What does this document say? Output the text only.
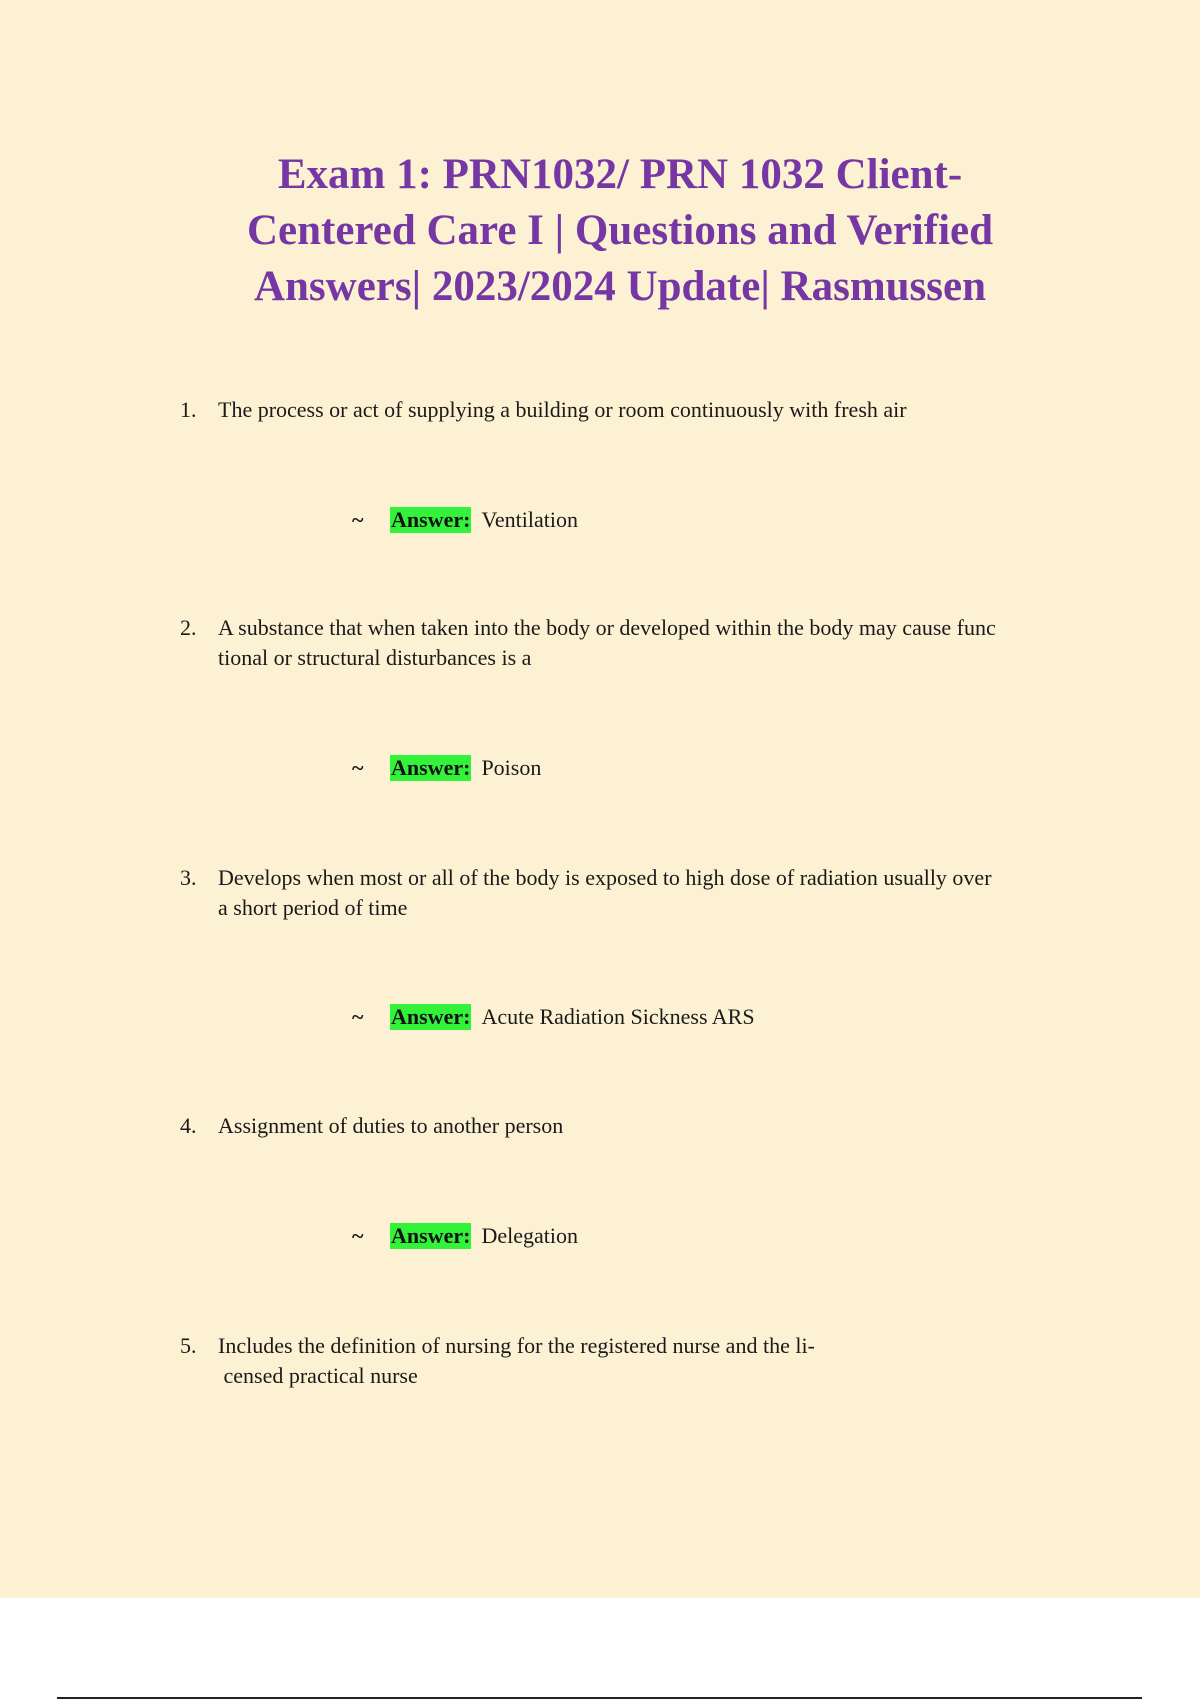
Exam 1: PRN1032/ PRN 1032 Client-
Centered Care I | Questions and Verified
Answers| 2023/2024 Update| Rasmussen
1. The process or act of supplying a building or room continuously with fresh air
~ Answer: Ventilation
2. A substance that when taken into the body or developed within the body may cause func
tional or structural disturbances is a
~ Answer: Poison
3. Develops when most or all of the body is exposed to high dose of radiation usually over
a short period of time
~ Answer: Acute Radiation Sickness ARS
4. Assignment of duties to another person
~ Answer: Delegation
5. Includes the definition of nursing for the registered nurse and the li-
censed practical nurse
